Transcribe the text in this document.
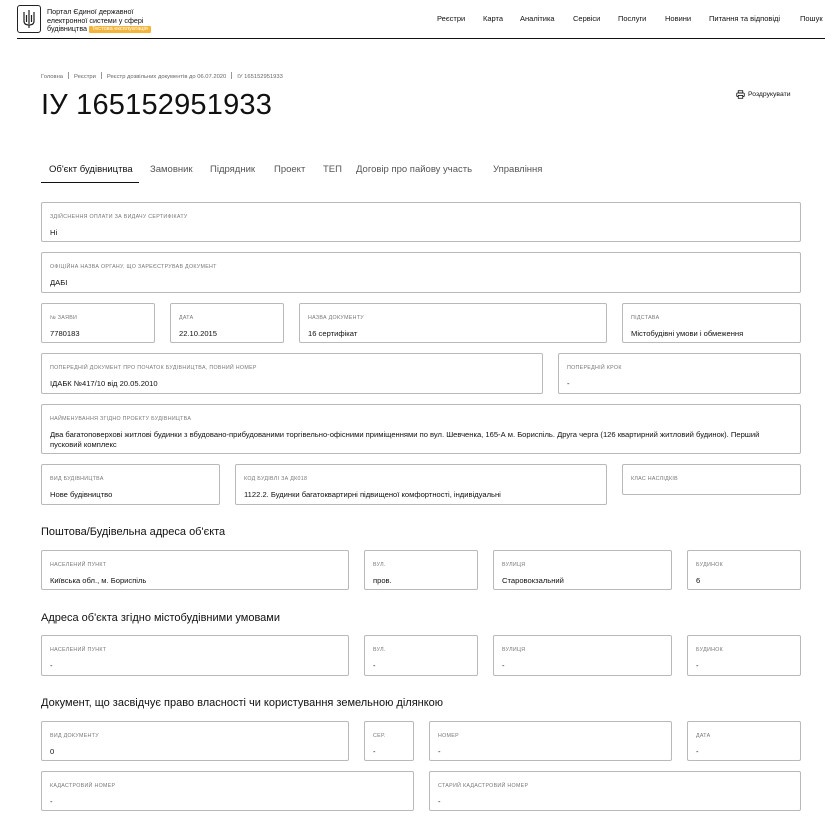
Портал Єдиної державної
електронної системи у сфері
будівництва Тестова експлуатація
Реєстри Карта Аналітика Сервіси Послуги Новини Питання та відповіді	Пошук
Головна Реєстри Реєстр дозвільних документів до 06.07.2020 ІУ 165152951933
ІУ 165152951933	Роздрукувати
Об'єкт будівництва Замовник Підрядник Проект ТЕП Договір про пайову участь Управління
ЗДІЙСНЕННЯ ОПЛАТИ ЗА ВИДАЧУ СЕРТИФІКАТУ
Ні
ОФІЦІЙНА НАЗВА ОРГАНУ, ЩО ЗАРЕЄСТРУВАВ ДОКУМЕНТ
ДАБІ
№ ЗАЯВИ
7780183
ДАТА
22.10.2015
НАЗВА ДОКУМЕНТУ
16 сертифікат
ПІДСТАВА
Містобудівні умови і обмеження
ПОПЕРЕДНІЙ ДОКУМЕНТ ПРО ПОЧАТОК БУДІВНИЦТВА, ПОВНИЙ НОМЕР
ІДАБК №417/10 від 20.05.2010
ПОПЕРЕДНІЙ КРОК
-
НАЙМЕНУВАННЯ ЗГІДНО ПРОЕКТУ БУДІВНИЦТВА
Два багатоповерхові житлові будинки з вбудовано-прибудованими торгівельно-офісними приміщеннями по вул. Шевченка, 165-А м. Бориспіль. Друга черга (126 квартирний житловий будинок). Перший пусковий комплекс
ВИД БУДІВНИЦТВА
Нове будівництво
КОД БУДІВЛІ ЗА ДК018
1122.2. Будинки багатоквартирні підвищеної комфортності, індивідуальні
КЛАС НАСЛІДКІВ
Поштова/Будівельна адреса об'єкта
НАСЕЛЕНИЙ ПУНКТ
Київська обл., м. Бориспіль
ВУЛ.
пров.
ВУЛИЦЯ
Старовокзальний
БУДИНОК
6
Адреса об'єкта згідно містобудівними умовами
НАСЕЛЕНИЙ ПУНКТ
-
ВУЛ.
-
ВУЛИЦЯ
-
БУДИНОК
-
Документ, що засвідчує право власності чи користування земельною ділянкою
ВИД ДОКУМЕНТУ
0
СЕР.
-
НОМЕР
-
ДАТА
-
КАДАСТРОВИЙ НОМЕР
-
СТАРИЙ КАДАСТРОВИЙ НОМЕР
-
